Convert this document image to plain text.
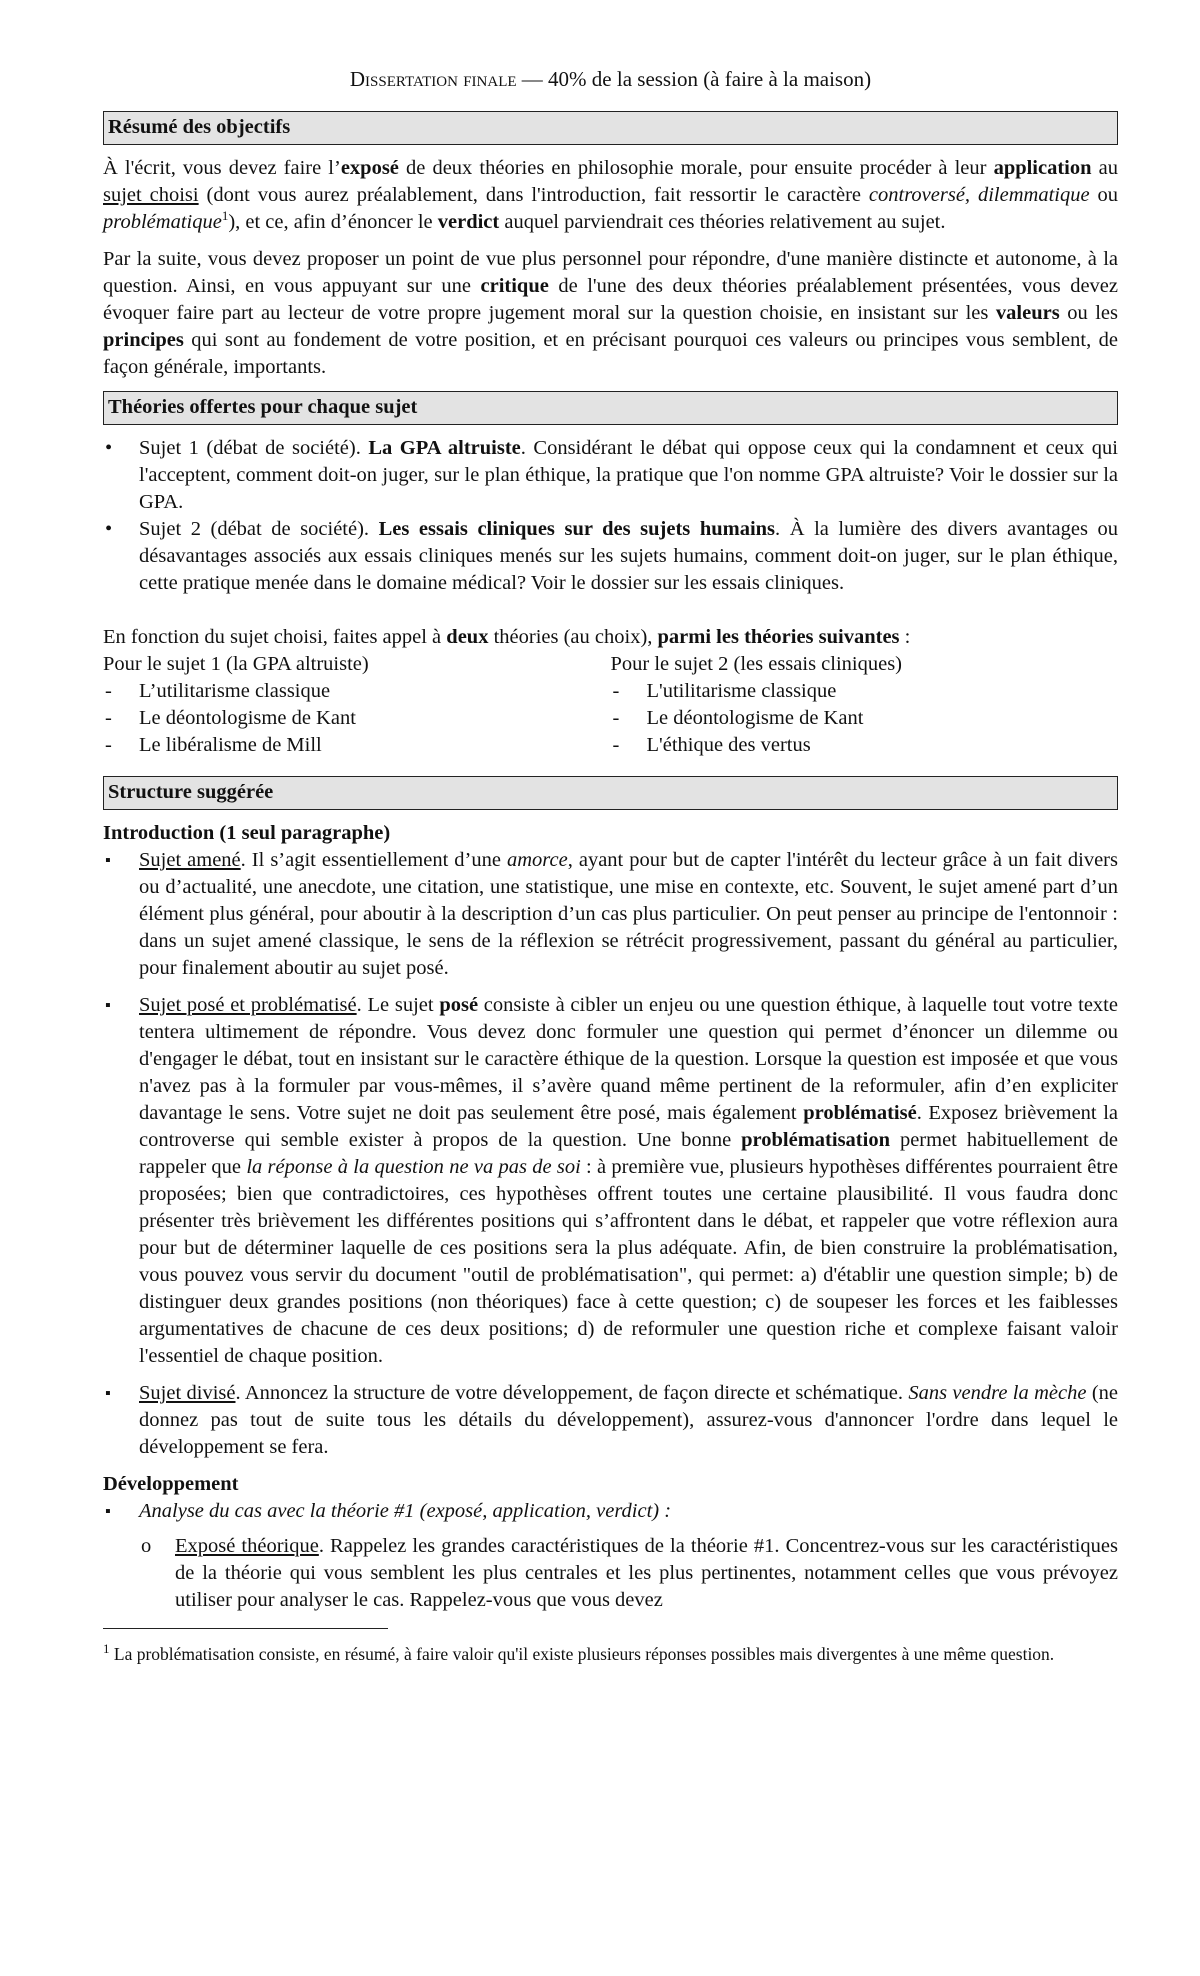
Dissertation finale — 40% de la session (à faire à la maison)
Résumé des objectifs

À l'écrit, vous devez faire l’exposé de deux théories en philosophie morale, pour ensuite procéder à leur application au sujet choisi (dont vous aurez préalablement, dans l'introduction, fait ressortir le caractère controversé, dilemmatique ou problématique$^1$), et ce, afin d’énoncer le verdict auquel parviendrait ces théories relativement au sujet.

Par la suite, vous devez proposer un point de vue plus personnel pour répondre, d'une manière distincte et autonome, à la question. Ainsi, en vous appuyant sur une critique de l'une des deux théories préalablement présentées, vous devez évoquer faire part au lecteur de votre propre jugement moral sur la question choisie, en insistant sur les valeurs ou les principes qui sont au fondement de votre position, et en précisant pourquoi ces valeurs ou principes vous semblent, de façon générale, importants.

Théories offertes pour chaque sujet
• Sujet 1 (débat de société). La GPA altruiste. Considérant le débat qui oppose ceux qui la condamnent et ceux qui l'acceptent, comment doit-on juger, sur le plan éthique, la pratique que l'on nomme GPA altruiste? Voir le dossier sur la GPA.
• Sujet 2 (débat de société). Les essais cliniques sur des sujets humains. À la lumière des divers avantages ou désavantages associés aux essais cliniques menés sur les sujets humains, comment doit-on juger, sur le plan éthique, cette pratique menée dans le domaine médical? Voir le dossier sur les essais cliniques.

En fonction du sujet choisi, faites appel à deux théories (au choix), parmi les théories suivantes :

Pour le sujet 1 (la GPA altruiste)
- L’utilitarisme classique
- Le déontologisme de Kant
- Le libéralisme de Mill
Pour le sujet 2 (les essais cliniques)
- L'utilitarisme classique
- Le déontologisme de Kant
- L'éthique des vertus
Structure suggérée
Introduction (1 seul paragraphe)
▪ Sujet amené. Il s’agit essentiellement d’une amorce, ayant pour but de capter l'intérêt du lecteur grâce à un fait divers ou d’actualité, une anecdote, une citation, une statistique, une mise en contexte, etc. Souvent, le sujet amené part d’un élément plus général, pour aboutir à la description d’un cas plus particulier. On peut penser au principe de l'entonnoir : dans un sujet amené classique, le sens de la réflexion se rétrécit progressivement, passant du général au particulier, pour finalement aboutir au sujet posé.
▪ Sujet posé et problématisé. Le sujet posé consiste à cibler un enjeu ou une question éthique, à laquelle tout votre texte tentera ultimement de répondre. Vous devez donc formuler une question qui permet d’énoncer un dilemme ou d'engager le débat, tout en insistant sur le caractère éthique de la question. Lorsque la question est imposée et que vous n'avez pas à la formuler par vous-mêmes, il s’avère quand même pertinent de la reformuler, afin d’en expliciter davantage le sens. Votre sujet ne doit pas seulement être posé, mais également problématisé. Exposez brièvement la controverse qui semble exister à propos de la question. Une bonne problématisation permet habituellement de rappeler que la réponse à la question ne va pas de soi : à première vue, plusieurs hypothèses différentes pourraient être proposées; bien que contradictoires, ces hypothèses offrent toutes une certaine plausibilité. Il vous faudra donc présenter très brièvement les différentes positions qui s’affrontent dans le débat, et rappeler que votre réflexion aura pour but de déterminer laquelle de ces positions sera la plus adéquate. Afin, de bien construire la problématisation, vous pouvez vous servir du document "outil de problématisation", qui permet: a) d'établir une question simple; b) de distinguer deux grandes positions (non théoriques) face à cette question; c) de soupeser les forces et les faiblesses argumentatives de chacune de ces deux positions; d) de reformuler une question riche et complexe faisant valoir l'essentiel de chaque position.
▪ Sujet divisé. Annoncez la structure de votre développement, de façon directe et schématique. Sans vendre la mèche (ne donnez pas tout de suite tous les détails du développement), assurez-vous d'annoncer l'ordre dans lequel le développement se fera.
Développement
▪ Analyse du cas avec la théorie #1 (exposé, application, verdict) :
o Exposé théorique. Rappelez les grandes caractéristiques de la théorie #1. Concentrez-vous sur les caractéristiques de la théorie qui vous semblent les plus centrales et les plus pertinentes, notamment celles que vous prévoyez utiliser pour analyser le cas. Rappelez-vous que vous devez
$^1$ La problématisation consiste, en résumé, à faire valoir qu'il existe plusieurs réponses possibles mais divergentes à une même question.
